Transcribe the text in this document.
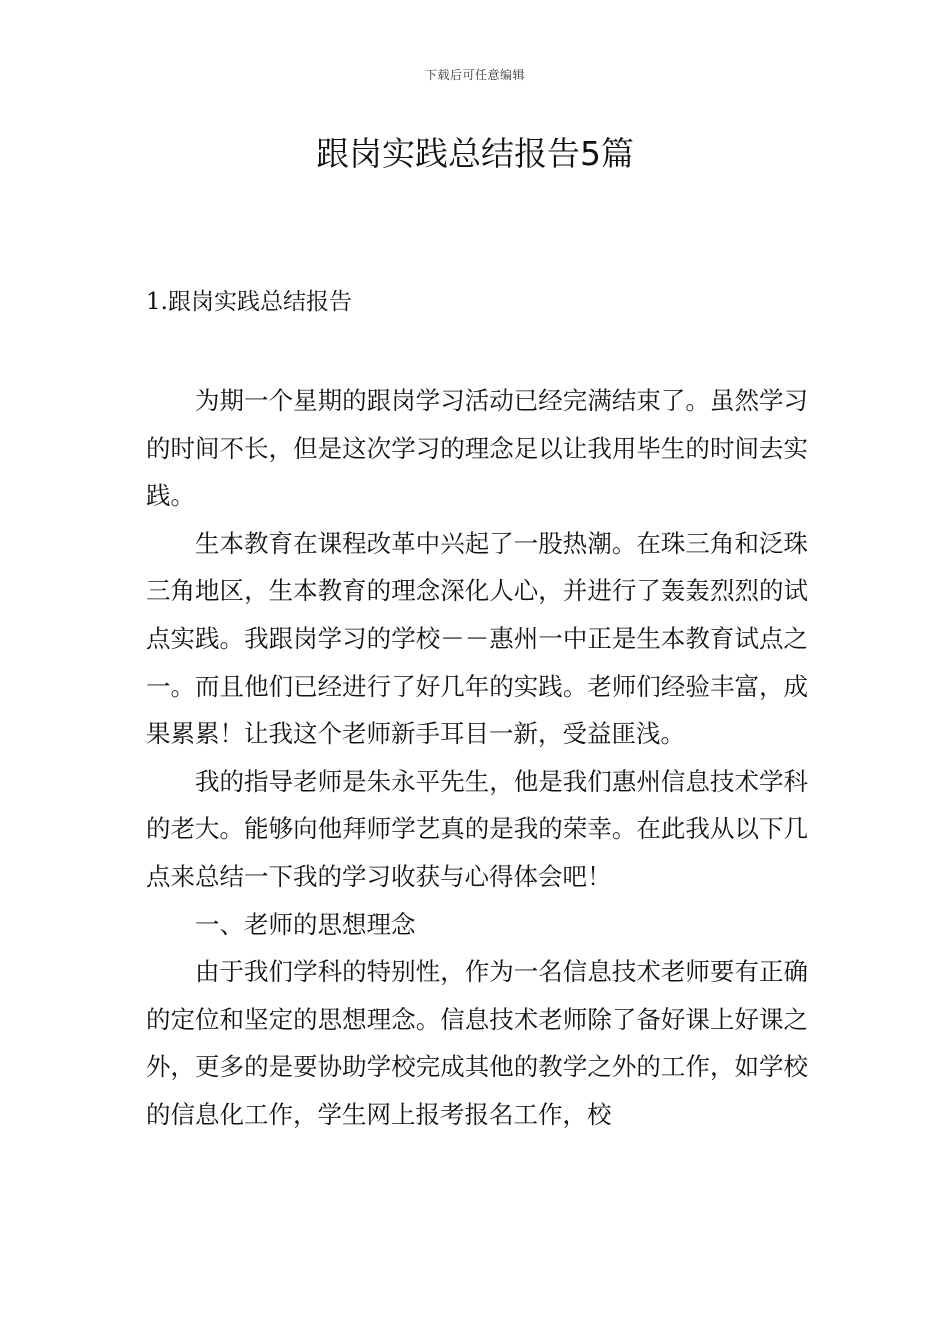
下载后可任意编辑
跟岗实践总结报告5篇
1.跟岗实践总结报告

为期一个星期的跟岗学习活动已经完满结束了。虽然学习的时间不长，但是这次学习的理念足以让我用毕生的时间去实践。

生本教育在课程改革中兴起了一股热潮。在珠三角和泛珠三角地区，生本教育的理念深化人心，并进行了轰轰烈烈的试点实践。我跟岗学习的学校－－惠州一中正是生本教育试点之一。而且他们已经进行了好几年的实践。老师们经验丰富，成果累累！让我这个老师新手耳目一新，受益匪浅。

我的指导老师是朱永平先生，他是我们惠州信息技术学科的老大。能够向他拜师学艺真的是我的荣幸。在此我从以下几点来总结一下我的学习收获与心得体会吧！

一、老师的思想理念

由于我们学科的特别性，作为一名信息技术老师要有正确的定位和坚定的思想理念。信息技术老师除了备好课上好课之外，更多的是要协助学校完成其他的教学之外的工作，如学校的信息化工作，学生网上报考报名工作，校
